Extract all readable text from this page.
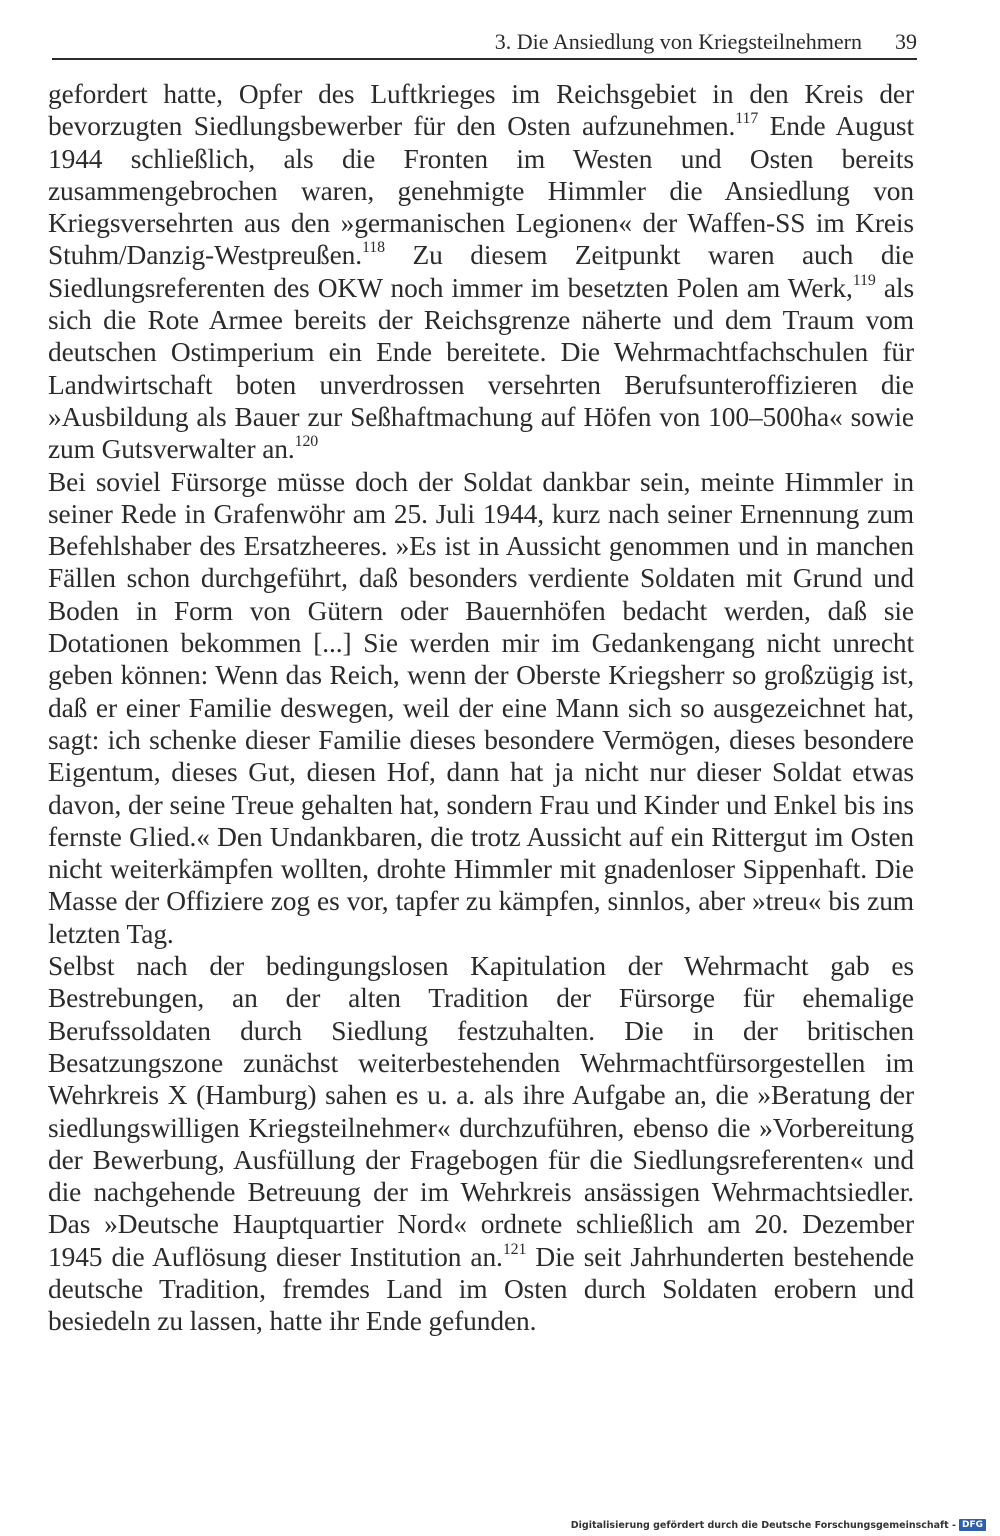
3. Die Ansiedlung von Kriegsteilnehmern 39

gefordert hatte, Opfer des Luftkrieges im Reichsgebiet in den Kreis der bevorzugten Siedlungsbewerber für den Osten aufzunehmen.$^{117}$ Ende August 1944 schließlich, als die Fronten im Westen und Osten bereits zusammengebrochen waren, genehmigte Himmler die Ansiedlung von Kriegsversehrten aus den »germanischen Legionen« der Waffen-SS im Kreis Stuhm/Danzig-Westpreußen.$^{118}$ Zu diesem Zeitpunkt waren auch die Siedlungsreferenten des OKW noch immer im besetzten Polen am Werk,$^{119}$ als sich die Rote Armee bereits der Reichsgrenze näherte und dem Traum vom deutschen Ostimperium ein Ende bereitete. Die Wehrmachtfachschulen für Landwirtschaft boten unverdrossen versehrten Berufsunteroffizieren die »Ausbildung als Bauer zur Seßhaftmachung auf Höfen von 100–500ha« sowie zum Gutsverwalter an.$^{120}$

Bei soviel Fürsorge müsse doch der Soldat dankbar sein, meinte Himmler in seiner Rede in Grafenwöhr am 25. Juli 1944, kurz nach seiner Ernennung zum Befehlshaber des Ersatzheeres. »Es ist in Aussicht genommen und in manchen Fällen schon durchgeführt, daß besonders verdiente Soldaten mit Grund und Boden in Form von Gütern oder Bauernhöfen bedacht werden, daß sie Dotationen bekommen [...] Sie werden mir im Gedankengang nicht unrecht geben können: Wenn das Reich, wenn der Oberste Kriegsherr so großzügig ist, daß er einer Familie deswegen, weil der eine Mann sich so ausgezeichnet hat, sagt: ich schenke dieser Familie dieses besondere Vermögen, dieses besondere Eigentum, dieses Gut, diesen Hof, dann hat ja nicht nur dieser Soldat etwas davon, der seine Treue gehalten hat, sondern Frau und Kinder und Enkel bis ins fernste Glied.« Den Undankbaren, die trotz Aussicht auf ein Rittergut im Osten nicht weiterkämpfen wollten, drohte Himmler mit gnadenloser Sippenhaft. Die Masse der Offiziere zog es vor, tapfer zu kämpfen, sinnlos, aber »treu« bis zum letzten Tag.

Selbst nach der bedingungslosen Kapitulation der Wehrmacht gab es Bestrebungen, an der alten Tradition der Fürsorge für ehemalige Berufssoldaten durch Siedlung festzuhalten. Die in der britischen Besatzungszone zunächst weiterbestehenden Wehrmachtfürsorgestellen im Wehrkreis X (Hamburg) sahen es u. a. als ihre Aufgabe an, die »Beratung der siedlungswilligen Kriegsteilnehmer« durchzuführen, ebenso die »Vorbereitung der Bewerbung, Ausfüllung der Fragebogen für die Siedlungsreferenten« und die nachgehende Betreuung der im Wehrkreis ansässigen Wehrmachtsiedler. Das »Deutsche Hauptquartier Nord« ordnete schließlich am 20. Dezember 1945 die Auflösung dieser Institution an.$^{121}$ Die seit Jahrhunderten bestehende deutsche Tradition, fremdes Land im Osten durch Soldaten erobern und besiedeln zu lassen, hatte ihr Ende gefunden.

Digitalisierung gefördert durch die Deutsche Forschungsgemeinschaft - DFG
